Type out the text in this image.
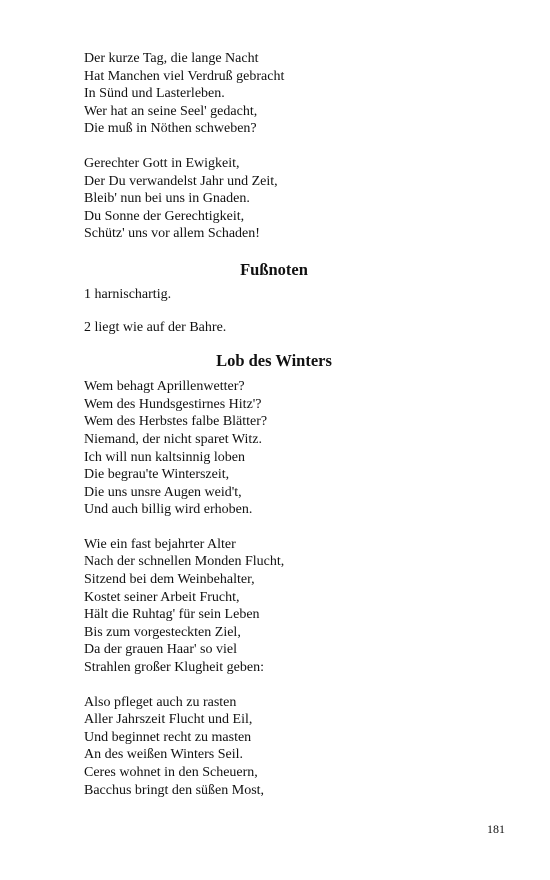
Der kurze Tag, die lange Nacht
Hat Manchen viel Verdruß gebracht
In Sünd und Lasterleben.
Wer hat an seine Seel' gedacht,
Die muß in Nöthen schweben?
Gerechter Gott in Ewigkeit,
Der Du verwandelst Jahr und Zeit,
Bleib' nun bei uns in Gnaden.
Du Sonne der Gerechtigkeit,
Schütz' uns vor allem Schaden!
Fußnoten
1 harnischartig.
2 liegt wie auf der Bahre.
Lob des Winters
Wem behagt Aprillenwetter?
Wem des Hundsgestirnes Hitz'?
Wem des Herbstes falbe Blätter?
Niemand, der nicht sparet Witz.
Ich will nun kaltsinnig loben
Die begrau'te Winterszeit,
Die uns unsre Augen weid't,
Und auch billig wird erhoben.
Wie ein fast bejahrter Alter
Nach der schnellen Monden Flucht,
Sitzend bei dem Weinbehalter,
Kostet seiner Arbeit Frucht,
Hält die Ruhtag' für sein Leben
Bis zum vorgesteckten Ziel,
Da der grauen Haar' so viel
Strahlen großer Klugheit geben:
Also pfleget auch zu rasten
Aller Jahrszeit Flucht und Eil,
Und beginnet recht zu masten
An des weißen Winters Seil.
Ceres wohnet in den Scheuern,
Bacchus bringt den süßen Most,
181
